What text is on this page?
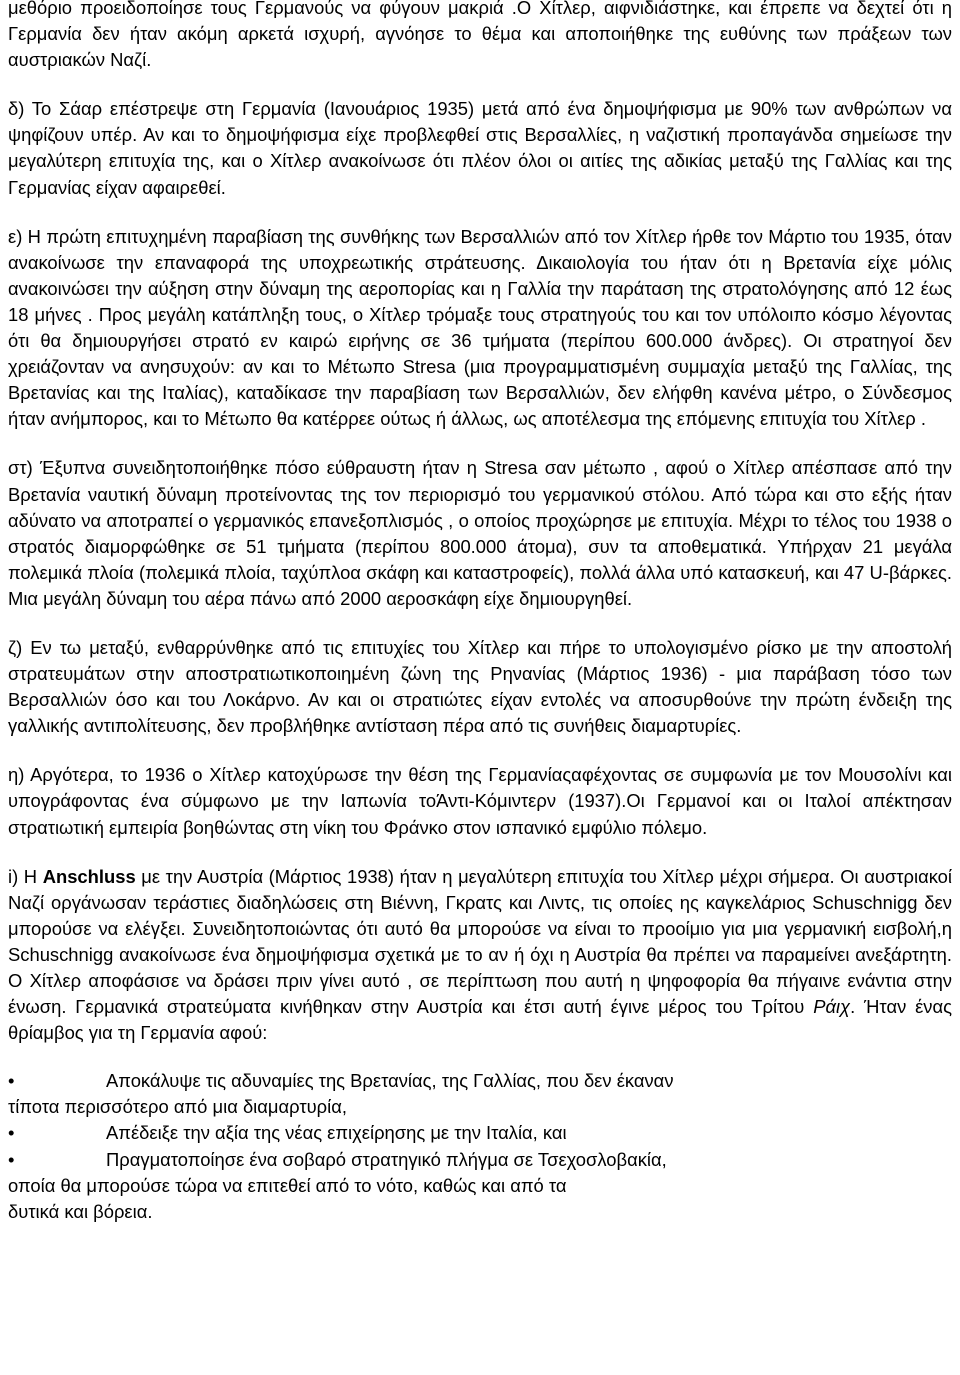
μεθόριο προειδοποίησε τους Γερμανούς να φύγουν μακριά .Ο Χίτλερ, αιφνιδιάστηκε, και έπρεπε να δεχτεί ότι η Γερμανία δεν ήταν ακόμη αρκετά ισχυρή, αγνόησε το θέμα και αποποιήθηκε της ευθύνης των πράξεων των αυστριακών Ναζί.

δ) Το Σάαρ επέστρεψε στη Γερμανία (Ιανουάριος 1935) μετά από ένα δημοψήφισμα με 90% των ανθρώπων να ψηφίζουν υπέρ. Αν και το δημοψήφισμα είχε προβλεφθεί στις Βερσαλλίες, η ναζιστική προπαγάνδα σημείωσε την μεγαλύτερη επιτυχία της, και ο Χίτλερ ανακοίνωσε ότι πλέον όλοι οι αιτίες της αδικίας μεταξύ της Γαλλίας και της Γερμανίας είχαν αφαιρεθεί.

ε) Η πρώτη επιτυχημένη παραβίαση της συνθήκης των Βερσαλλιών από τον Χίτλερ ήρθε τον Μάρτιο του 1935, όταν ανακοίνωσε την επαναφορά της υποχρεωτικής στράτευσης. Δικαιολογία του ήταν ότι η Βρετανία είχε μόλις ανακοινώσει την αύξηση στην δύναμη της αεροπορίας και η Γαλλία την παράταση της στρατολόγησης από 12 έως 18 μήνες . Προς μεγάλη κατάπληξη τους, ο Χίτλερ τρόμαξε τους στρατηγούς του και τον υπόλοιπο κόσμο λέγοντας ότι θα δημιουργήσει στρατό εν καιρώ ειρήνης σε 36 τμήματα (περίπου 600.000 άνδρες). Οι στρατηγοί δεν χρειάζονταν να ανησυχούν: αν και το Μέτωπο Stresa (μια προγραμματισμένη συμμαχία μεταξύ της Γαλλίας, της Βρετανίας και της Ιταλίας), καταδίκασε την παραβίαση των Βερσαλλιών, δεν ελήφθη κανένα μέτρο, ο Σύνδεσμος ήταν ανήμπορος, και το Μέτωπο θα κατέρρεε ούτως ή άλλως, ως αποτέλεσμα της επόμενης επιτυχία του Χίτλερ .

στ) Έξυπνα συνειδητοποιήθηκε πόσο εύθραυστη ήταν η Stresa σαν μέτωπο , αφού ο Χίτλερ απέσπασε από την Βρετανία ναυτική δύναμη προτείνοντας της τον περιορισμό του γερμανικού στόλου. Από τώρα και στο εξής ήταν αδύνατο να αποτραπεί ο γερμανικός επανεξοπλισμός , ο οποίος προχώρησε με επιτυχία. Μέχρι το τέλος του 1938 ο στρατός διαμορφώθηκε σε 51 τμήματα (περίπου 800.000 άτομα), συν τα αποθεματικά. Υπήρχαν 21 μεγάλα πολεμικά πλοία (πολεμικά πλοία, ταχύπλοα σκάφη και καταστροφείς), πολλά άλλα υπό κατασκευή, και 47 U-βάρκες. Μια μεγάλη δύναμη του αέρα πάνω από 2000 αεροσκάφη είχε δημιουργηθεί.

ζ) Εν τω μεταξύ, ενθαρρύνθηκε από τις επιτυχίες του Χίτλερ και πήρε το υπολογισμένο ρίσκο με την αποστολή στρατευμάτων στην αποστρατιωτικοποιημένη ζώνη της Ρηνανίας (Μάρτιος 1936) - μια παράβαση τόσο των Βερσαλλιών όσο και του Λοκάρνο. Αν και οι στρατιώτες είχαν εντολές να αποσυρθούνε την πρώτη ένδειξη της γαλλικής αντιπολίτευσης, δεν προβλήθηκε αντίσταση πέρα από τις συνήθεις διαμαρτυρίες.

η) Αργότερα, το 1936 ο Χίτλερ κατοχύρωσε την θέση της Γερμανίαςαφέχοντας σε συμφωνία με τον Μουσολίνι και υπογράφοντας ένα σύμφωνο με την Ιαπωνία τοΆντι-Κόμιντερν (1937).Οι Γερμανοί και οι Ιταλοί απέκτησαν στρατιωτική εμπειρία βοηθώντας στη νίκη του Φράνκο στον ισπανικό εμφύλιο πόλεμο.

i) Η Anschluss με την Αυστρία (Μάρτιος 1938) ήταν η μεγαλύτερη επιτυχία του Χίτλερ μέχρι σήμερα. Οι αυστριακοί Ναζί οργάνωσαν τεράστιες διαδηλώσεις στη Βιέννη, Γκρατς και Λιντς, τις οποίες ης καγκελάριος Schuschnigg δεν μπορούσε να ελέγξει. Συνειδητοποιώντας ότι αυτό θα μπορούσε να είναι το προοίμιο για μια γερμανική εισβολή,η Schuschnigg ανακοίνωσε ένα δημοψήφισμα σχετικά με το αν ή όχι η Αυστρία θα πρέπει να παραμείνει ανεξάρτητη. Ο Χίτλερ αποφάσισε να δράσει πριν γίνει αυτό , σε περίπτωση που αυτή η ψηφοφορία θα πήγαινε ενάντια στην ένωση. Γερμανικά στρατεύματα κινήθηκαν στην Αυστρία και έτσι αυτή έγινε μέρος του Τρίτου Ράιχ. Ήταν ένας θρίαμβος για τη Γερμανία αφού:

•	Αποκάλυψε τις αδυναμίες της Βρετανίας, της Γαλλίας, που δεν έκαναν
τίποτα περισσότερο από μια διαμαρτυρία,
•	Απέδειξε την αξία της νέας επιχείρησης με την Ιταλία, και
•	Πραγματοποίησε ένα σοβαρό στρατηγικό πλήγμα σε Τσεχοσλοβακία,
οποία θα μπορούσε τώρα να επιτεθεί από το νότο, καθώς και από τα
δυτικά και βόρεια.
